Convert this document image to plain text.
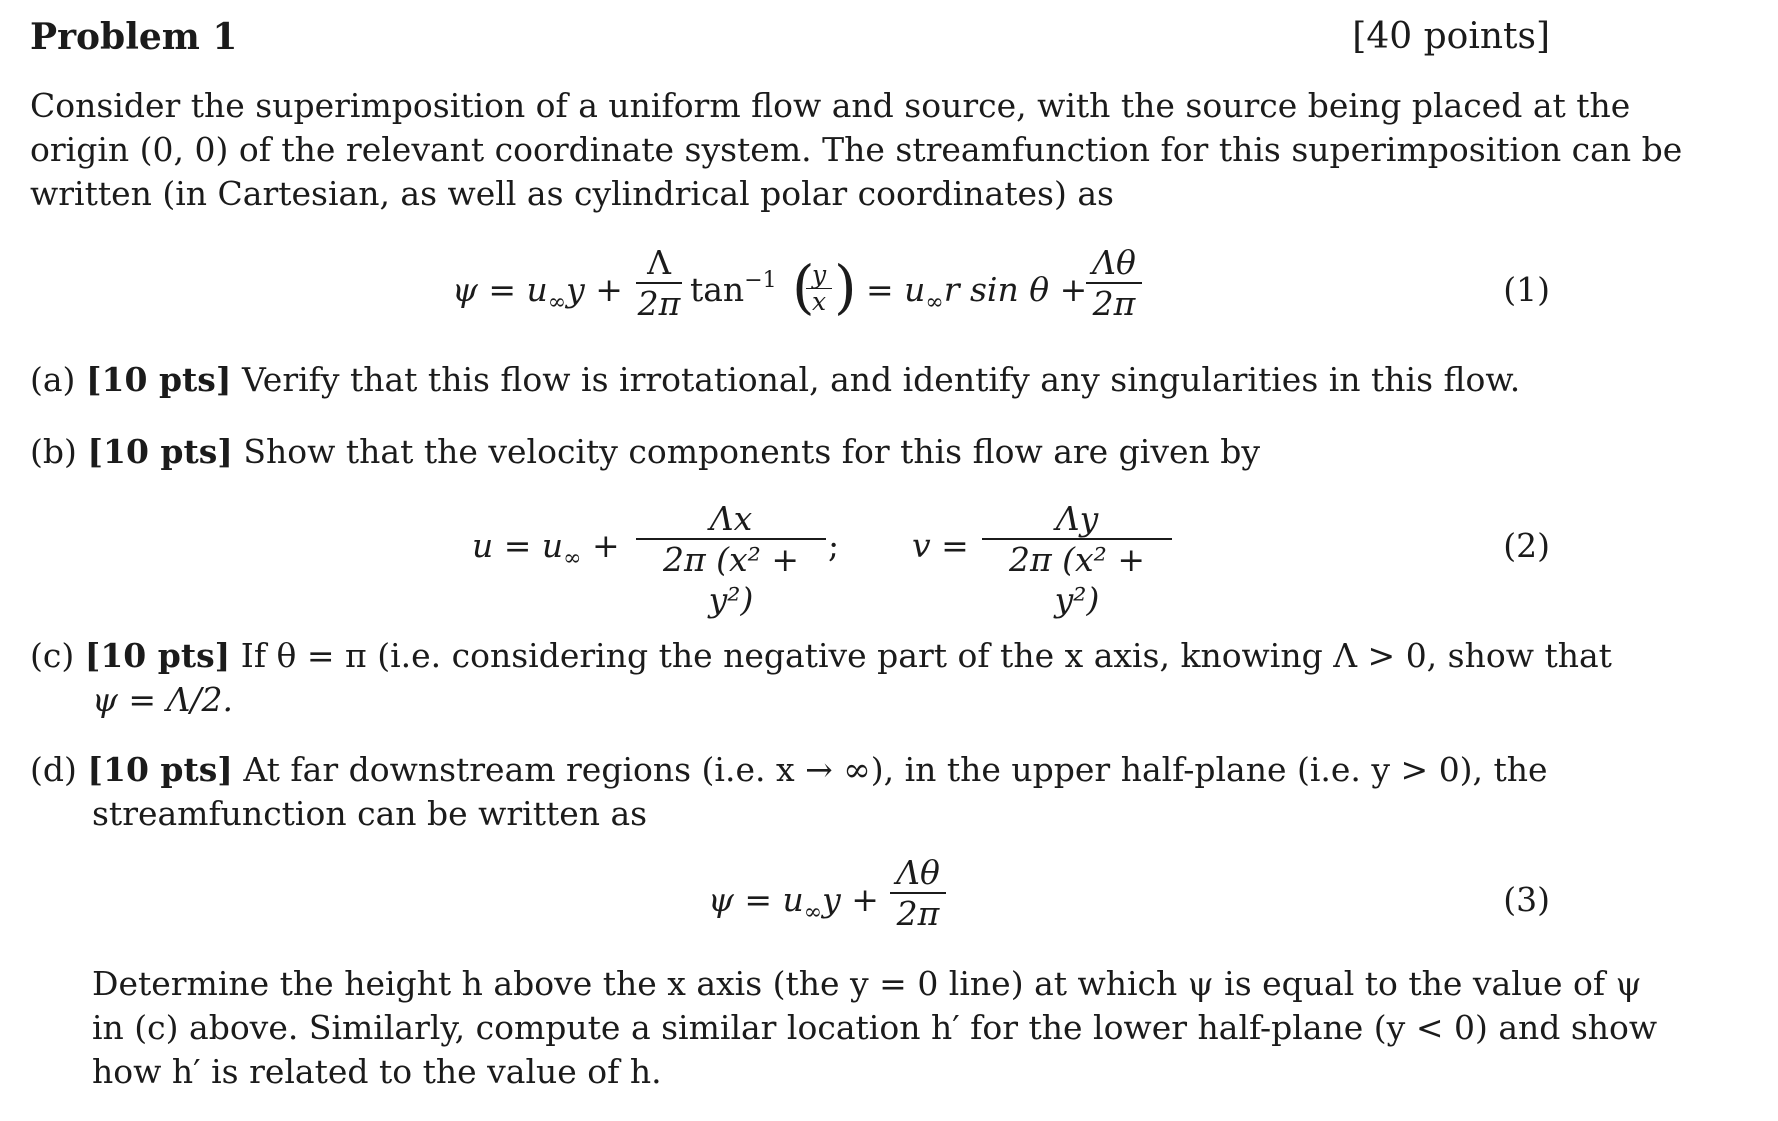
Problem 1	[40 points]
Consider the superimposition of a uniform flow and source, with the source being placed at the
origin (0, 0) of the relevant coordinate system. The streamfunction for this superimposition can be
written (in Cartesian, as well as cylindrical polar coordinates) as
$\psi = u_\infty y$ +
Λ
2π $\tan^{-1}$ (
y
x ) = $u_\infty r$ sin θ +
Λθ
2π	(1)
(a) [10 pts] Verify that this flow is irrotational, and identify any singularities in this flow.
(b) [10 pts] Show that the velocity components for this flow are given by
$u = u_\infty$ +
Λx
2π (x² + y²)
; v =
Λy
2π (x² + y²)
(2)
(c) [10 pts] If θ = π (i.e. considering the negative part of the x axis, knowing Λ > 0, show that
ψ = Λ/2.
(d) [10 pts] At far downstream regions (i.e. x → ∞), in the upper half-plane (i.e. y > 0), the
streamfunction can be written as
$\psi = u_\infty y$ +
Λθ
2π	(3)
Determine the height h above the x axis (the y = 0 line) at which ψ is equal to the value of ψ
in (c) above. Similarly, compute a similar location h′ for the lower half-plane (y < 0) and show
how h′ is related to the value of h.
